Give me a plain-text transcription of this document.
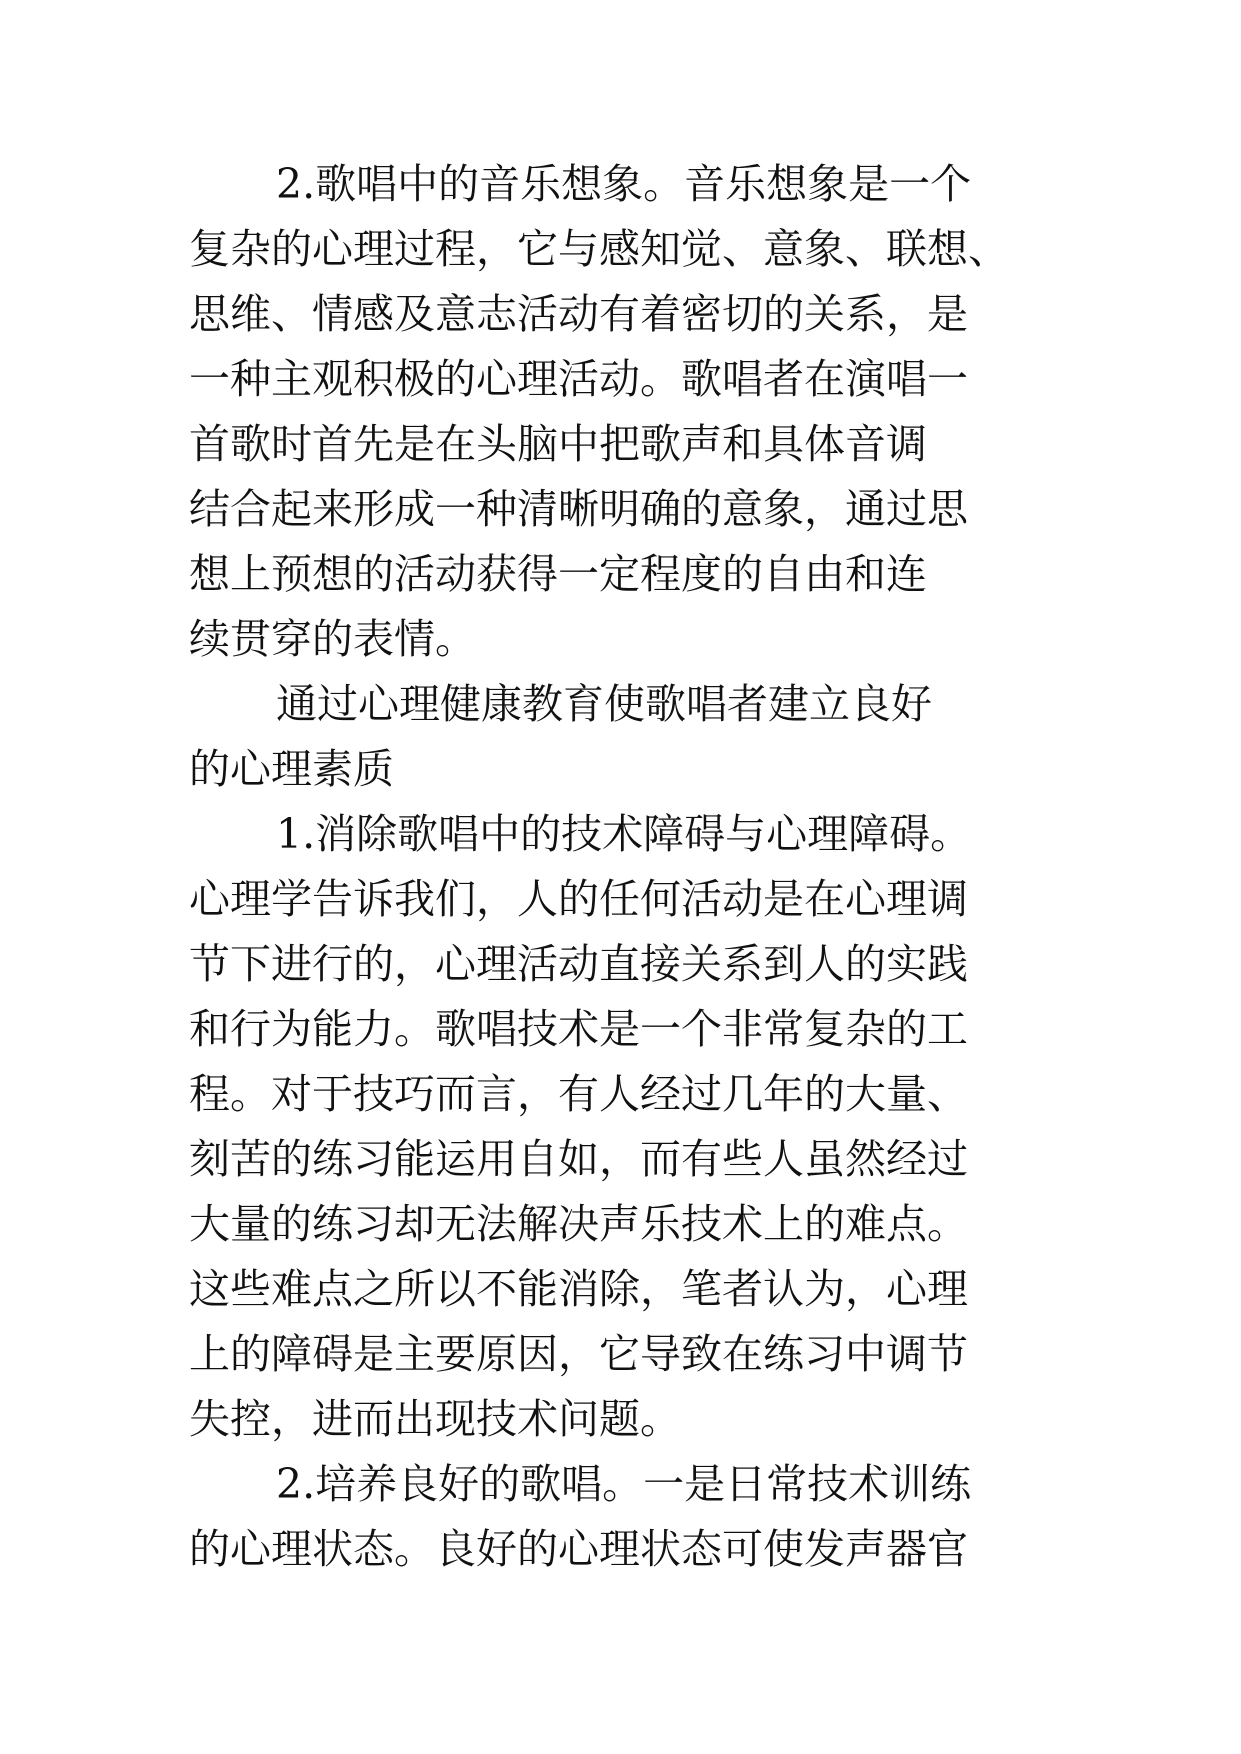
2.歌唱中的音乐想象。音乐想象是一个
复杂的心理过程，它与感知觉、意象、联想、
思维、情感及意志活动有着密切的关系，是
一种主观积极的心理活动。歌唱者在演唱一
首歌时首先是在头脑中把歌声和具体音调
结合起来形成一种清晰明确的意象，通过思
想上预想的活动获得一定程度的自由和连
续贯穿的表情。
通过心理健康教育使歌唱者建立良好
的心理素质
1.消除歌唱中的技术障碍与心理障碍。
心理学告诉我们，人的任何活动是在心理调
节下进行的，心理活动直接关系到人的实践
和行为能力。歌唱技术是一个非常复杂的工
程。对于技巧而言，有人经过几年的大量、
刻苦的练习能运用自如，而有些人虽然经过
大量的练习却无法解决声乐技术上的难点。
这些难点之所以不能消除，笔者认为，心理
上的障碍是主要原因，它导致在练习中调节
失控，进而出现技术问题。
2.培养良好的歌唱。一是日常技术训练
的心理状态。良好的心理状态可使发声器官
